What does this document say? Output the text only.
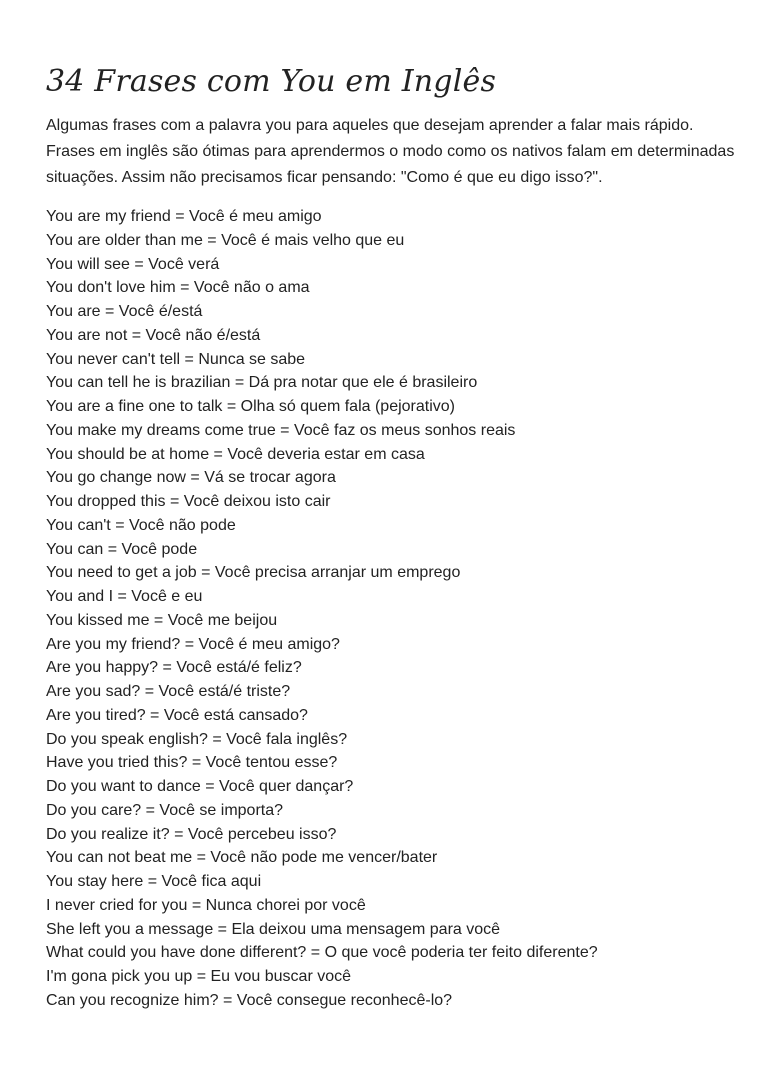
34 Frases com You em Inglês

Algumas frases com a palavra you para aqueles que desejam aprender a falar mais rápido. Frases em inglês são ótimas para aprendermos o modo como os nativos falam em determinadas situações. Assim não precisamos ficar pensando: "Como é que eu digo isso?".

You are my friend = Você é meu amigo
You are older than me = Você é mais velho que eu
You will see = Você verá
You don't love him = Você não o ama
You are = Você é/está
You are not = Você não é/está
You never can't tell = Nunca se sabe
You can tell he is brazilian = Dá pra notar que ele é brasileiro
You are a fine one to talk = Olha só quem fala (pejorativo)
You make my dreams come true = Você faz os meus sonhos reais
You should be at home = Você deveria estar em casa
You go change now = Vá se trocar agora
You dropped this = Você deixou isto cair
You can't = Você não pode
You can = Você pode
You need to get a job = Você precisa arranjar um emprego
You and I = Você e eu
You kissed me = Você me beijou
Are you my friend? = Você é meu amigo?
Are you happy? = Você está/é feliz?
Are you sad? = Você está/é triste?
Are you tired? = Você está cansado?
Do you speak english? = Você fala inglês?
Have you tried this? = Você tentou esse?
Do you want to dance = Você quer dançar?
Do you care? = Você se importa?
Do you realize it? = Você percebeu isso?
You can not beat me = Você não pode me vencer/bater
You stay here = Você fica aqui
I never cried for you = Nunca chorei por você
She left you a message = Ela deixou uma mensagem para você
What could you have done different? = O que você poderia ter feito diferente?
I'm gona pick you up = Eu vou buscar você
Can you recognize him? = Você consegue reconhecê-lo?
